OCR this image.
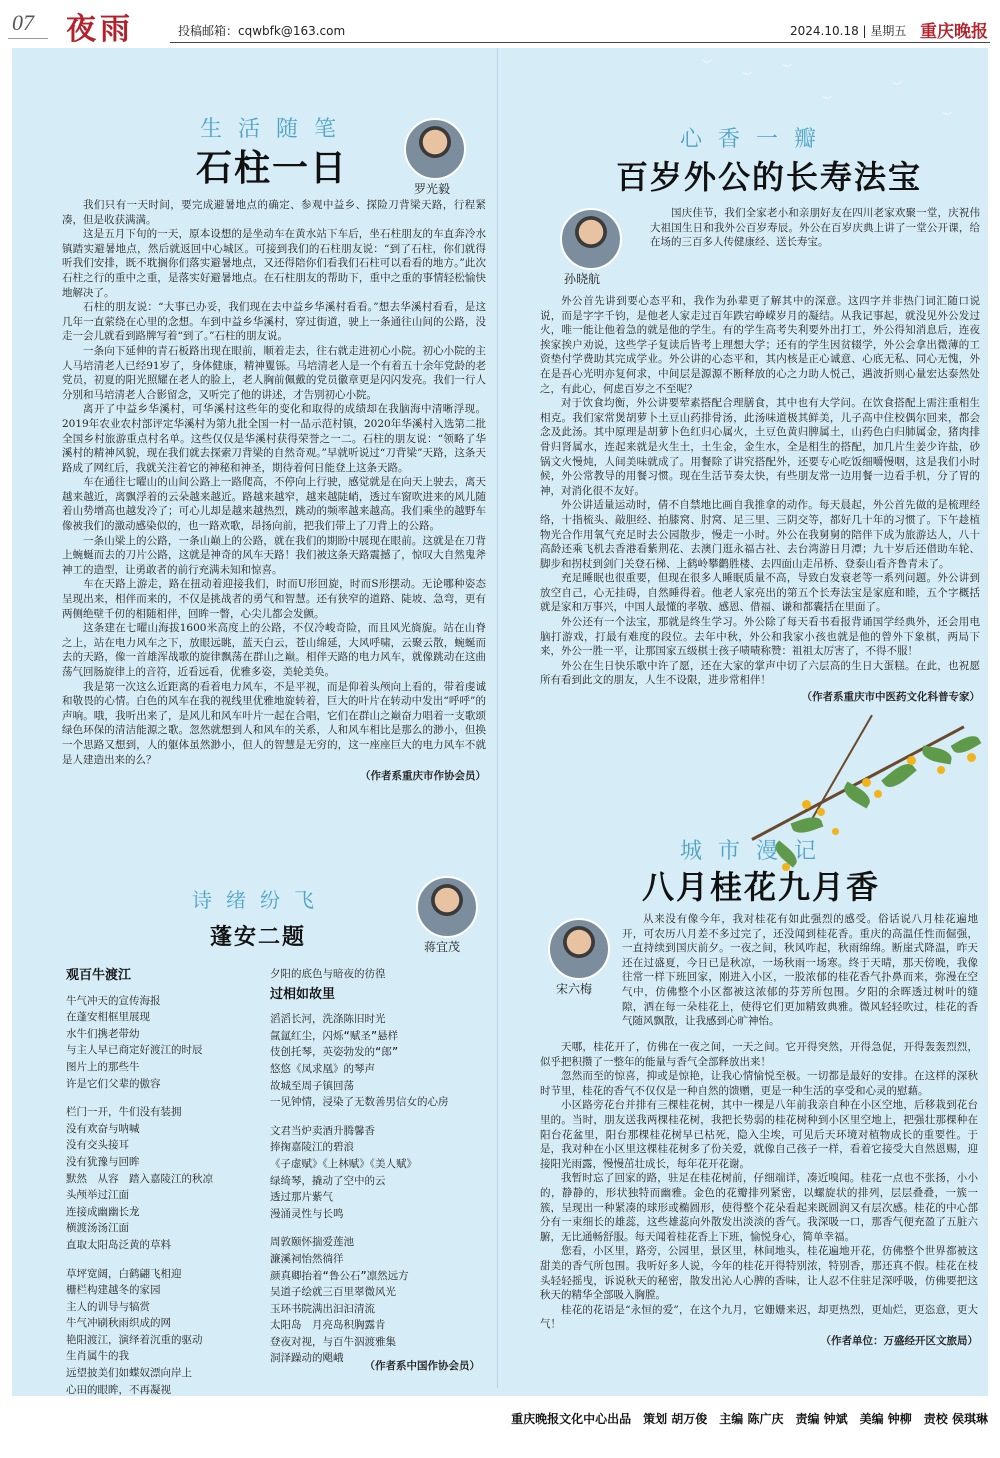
07 夜雨	投稿邮箱：cqwbfk@163.com	2024.10.18 | 星期五 重庆晚报
︶
︶
︶
︶
︶
︶
生活随笔
石柱一日	罗光毅

我们只有一天时间，要完成避暑地点的确定、参观中益乡、探险刀背梁天路，行程紧凑，但是收获满满。

这是五月下旬的一天，原本设想的是坐动车在黄水站下车后，坐石柱朋友的车直奔冷水镇踏实避暑地点，然后就返回中心城区。可接到我们的石柱朋友说：“到了石柱，你们就得听我们安排，既不耽搁你们落实避暑地点，又还得陪你们看我们石柱可以看看的地方。”此次石柱之行的重中之重，是落实好避暑地点。在石柱朋友的帮助下，重中之重的事情轻松愉快地解决了。

石柱的朋友说：“大事已办妥，我们现在去中益乡华溪村看看。”想去华溪村看看，是这几年一直萦绕在心里的念想。车到中益乡华溪村，穿过街道，驶上一条通往山间的公路，没走一会儿就看到路牌写着“到了。”石柱的朋友说。

一条向下延伸的青石板路出现在眼前，顺着走去，往右就走进初心小院。初心小院的主人马培清老人已经91岁了，身体健康，精神矍铄。马培清老人是一个有着五十余年党龄的老党员，初夏的阳光照耀在老人的脸上，老人胸前佩戴的党员徽章更是闪闪发亮。我们一行人分别和马培清老人合影留念，又听完了他的讲述，才告别初心小院。

离开了中益乡华溪村，可华溪村这些年的变化和取得的成绩却在我脑海中清晰浮现。2019年农业农村部评定华溪村为第九批全国一村一品示范村镇，2020年华溪村入选第二批全国乡村旅游重点村名单。这些仅仅是华溪村获得荣誉之一二。石柱的朋友说：“领略了华溪村的精神风貌，现在我们就去探索刀背梁的自然奇观。”早就听说过“刀背梁”天路，这条天路成了网红后，我就关注着它的神秘和神圣，期待着何日能登上这条天路。

车在通往七曜山的山间公路上一路爬高，不停向上行驶，感觉就是在向天上驶去，离天越来越近，离飘浮着的云朵越来越近。路越来越窄，越来越陡峭，透过车窗吹进来的风儿随着山势增高也越发冷了；可心儿却是越来越热烈，跳动的频率越来越高。我们乘坐的越野车像被我们的激动感染似的，也一路欢歌，昂扬向前，把我们带上了刀背上的公路。

一条山梁上的公路，一条山巅上的公路，就在我们的期盼中展现在眼前。这就是在刀背上蜿蜒而去的刀片公路，这就是神奇的风车天路！我们被这条天路震撼了，惊叹大自然鬼斧神工的造型，让勇敢者的前行充满未知和惊喜。

车在天路上游走，路在扭动着迎接我们，时而U形回旋，时而S形摆动。无论哪种姿态呈现出来，相伴而来的，不仅是挑战者的勇气和智慧。还有狭窄的道路、陡坡、急弯，更有两侧绝壁千仞的相随相伴，回眸一瞥，心尖儿都会发颤。

这条建在七曜山海拔1600米高度上的公路，不仅冷峻奇险，而且风光旖旎。站在山脊之上，站在电力风车之下，放眼远眺，蓝天白云，苍山绵延，大风呼啸，云聚云散，蜿蜒而去的天路，像一首雄浑战歌的旋律飘荡在群山之巅。相伴天路的电力风车，就像跳动在这曲荡气回肠旋律上的音符，近看远看，优雅多姿，美轮美奂。

我是第一次这么近距离的看着电力风车，不是平视，而是仰着头颅向上看的，带着虔诚和敬畏的心情。白色的风车在我的视线里优雅地旋转着，巨大的叶片在转动中发出“呼呼”的声响。哦，我听出来了，是风儿和风车叶片一起在合唱，它们在群山之巅奋力唱着一支歌颂绿色环保的清洁能源之歌。忽然就想到人和风车的关系，人和风车相比是那么的渺小，但换一个思路又想到，人的躯体虽然渺小，但人的智慧是无穷的，这一座座巨大的电力风车不就是人建造出来的么？

（作者系重庆市作协会员）
心香一瓣
百岁外公的长寿法宝
孙晓航

国庆佳节，我们全家老小和亲朋好友在四川老家欢聚一堂，庆祝伟大祖国生日和我外公百岁寿辰。外公在百岁庆典上讲了一堂公开课，给在场的三百多人传健康经、送长寿宝。

外公首先讲到要心态平和，我作为孙辈更了解其中的深意。这四字并非热门词汇随口说说，而是字字千钧，是他老人家走过百年跌宕峥嵘岁月的凝结。从我记事起，就没见外公发过火，唯一能让他着急的就是他的学生。有的学生高考失利要外出打工，外公得知消息后，连夜挨家挨户劝说，这些学子复读后皆考上理想大学；还有的学生因贫辍学，外公会拿出微薄的工资垫付学费助其完成学业。外公讲的心态平和，其内核是正心诚意、心底无私、同心无愧，外在是吾心光明亦复何求，中间层是源源不断释放的心之力助人悦己，遇波折则心量宏达泰然处之，有此心，何虑百岁之不至呢？

对于饮食均衡，外公讲要荤素搭配合理膳食，其中也有大学问。在饮食搭配上需注重相生相克。我们家常煲胡萝卜土豆山药排骨汤，此汤味道极其鲜美，儿子高中住校偶尔回来，都会念及此汤。其中原理是胡萝卜色红归心属火，土豆色黄归脾属土，山药色白归肺属金，猪肉排骨归肾属水，连起来就是火生土，土生金，金生水，全是相生的搭配，加几片生姜少许盐，砂锅文火慢炖，人间美味就成了。用餐除了讲究搭配外，还要专心吃饭细嚼慢咽，这是我们小时候，外公常教导的用餐习惯。现在生活节奏太快，有些朋友常一边用餐一边看手机，分了胃的神，对消化很不友好。

外公讲适量运动时，倩不自禁地比画自我推拿的动作。每天晨起，外公首先做的是梳理经络，十指梳头、敲胆经、拍膝窝、肘窝、足三里、三阴交等，都好几十年的习惯了。下午趁植物光合作用氧气充足时去公园散步，慢走一小时。外公在我舅舅的陪伴下成为旅游达人，八十高龄还乘飞机去香港看紫荆花、去澳门逛永福古社、去台湾游日月潭；九十岁后还借助车轮、脚步和拐杖到剑门关登石梯、上鹤岭攀鹳胜楼、去四面山走吊桥、登泰山看齐鲁青未了。

充足睡眠也很重要，但现在很多人睡眠质量不高，导致白发衰老等一系列问题。外公讲到放空自己，心无挂碍，自然睡得着。他老人家亮出的第五个长寿法宝是家庭和睦，五个字概括就是家和万事兴，中国人最懂的孝敬、感恩、借福、谦和都囊括在里面了。

外公还有一个法宝，那就是终生学习。外公除了每天看书看报背诵国学经典外，还会用电脑打游戏，打最有难度的段位。去年中秋，外公和我家小孩也就是他的曾外下象棋，两局下来，外公一胜一平，让那国家五级棋士孩子啧啧称赞：祖祖太厉害了，不得不服！

外公在生日快乐歌中许了愿，还在大家的掌声中切了六层高的生日大蛋糕。在此，也祝愿所有看到此文的朋友，人生不设限，进步常相伴！

（作者系重庆市中医药文化科普专家）
诗绪纷飞
蓬安二题	蒋宜茂
观百牛渡江
牛气冲天的宣传海报
在蓬安相框里展现
水牛们携老带幼
与主人早已商定好渡江的时辰
图片上的那些牛
许是它们父辈的傲容
栏门一开，牛们没有装拥
没有欢奋与呐喊
没有交头接耳
没有犹豫与回眸
默然　从容　踏入嘉陵江的秋凉
头颅举过江面
连接成幽幽长龙
横渡汤汤江面
直取太阳岛泛黄的草料
草坪宽阔，白鹤翩飞相迎
栅栏构建越冬的家园
主人的训导与犒赏
牛气冲刷秋雨织成的网
艳阳渡江，演绎着沉重的驱动
生肖属牛的我
远望披美们如蝶奴漂向岸上
心田的眼眸，不再凝视
夕阳的底色与暗夜的彷徨
过相如故里
滔滔长河，洗涤陈旧时光
氤氲红尘，闪烁“赋圣”悬样
伎创托琴，英姿勃发的“郎”
悠悠《凤求凰》的琴声
故城至周子镇回荡
一见钟情，浸染了无数善男信女的心房
文君当炉卖酒升腾馨香
捧掬嘉陵江的碧浪
《子虚赋》《上林赋》《美人赋》
绿绮琴，撬动了空中的云
透过那片紫气
漫涌灵性与长鸣
周敦颐怀揣爱莲池
濂溪祠怡然徜徉
颜真卿抬着“鲁公石”凛然远方
吴道子绘就三百里翠微风光
玉环书院满出汩汩清流
太阳岛　月亮岛积胸露肯
登夜对视，与百牛泅渡雅集
洞泽躁动的飓峨
（作者系中国作协会员）
城市漫记
八月桂花九月香
宋六梅

从来没有像今年，我对桂花有如此强烈的感受。俗话说八月桂花遍地开，可农历八月差不多过完了，还没闻到桂花香。重庆的高温任性而倔强，一直持续到国庆前夕。一夜之间，秋风咋起，秋雨绵绵。断崖式降温，昨天还在过盛夏，今日已是秋凉，一场秋雨一场寒。终于天晴，那天傍晚，我像往常一样下班回家，刚进入小区，一股浓郁的桂花香气扑鼻而来，弥漫在空气中，仿佛整个小区都被这浓郁的芬芳所包围。夕阳的余晖透过树叶的缝隙，洒在每一朵桂花上，使得它们更加精致典雅。微风轻轻吹过，桂花的香气随风飘散，让我感到心旷神怡。

天哪，桂花开了，仿佛在一夜之间，一天之间。它开得突然，开得急促，开得轰轰烈烈，似乎把积攒了一整年的能量与香气全部释放出来！

忽然而至的惊喜，抑或是惊艳，让我心情愉悦至极。一切都是最好的安排。在这样的深秋时节里，桂花的香气不仅仅是一种自然的馈赠，更是一种生活的享受和心灵的慰藉。

小区路旁花台并排有三棵桂花树，其中一棵是八年前我亲自种在小区空地，后移栽到花台里的。当时，朋友送我两棵桂花树，我把长势弱的桂花树种到小区里空地上，把强壮那棵种在阳台花盆里，阳台那棵桂花树早已枯死，隐入尘埃，可见后天环境对植物成长的重要性。于是，我对种在小区里这棵桂花树多了份关爱，就像自己孩子一样，看着它接受大自然恩赐，迎接阳光雨露，慢慢茁壮成长，每年花开花谢。

我暂时忘了回家的路，驻足在桂花树前，仔细端详，凑近嗅闻。桂花一点也不张扬，小小的，静静的，形状独特而幽雅。金色的花瓣排列紧密，以螺旋状的排列，层层叠叠，一簇一簇，呈现出一种紧凑的球形或椭圆形，使得整个花朵看起来既圆润又有层次感。桂花的中心部分有一束细长的雄蕊，这些雄蕊向外散发出淡淡的香气。我深吸一口，那香气便充盈了五脏六腑，无比通畅舒服。每天闻着桂花香上下班，愉悦身心，简单幸福。

您看，小区里，路旁，公园里，景区里，林间地头，桂花遍地开花，仿佛整个世界都被这甜美的香气所包围。我听好多人说，今年的桂花开得特别浓，特别香，那还真不假。桂花在枝头轻轻摇曳，诉说秋天的秘密，散发出沁人心脾的香味，让人忍不住驻足深呼吸，仿佛要把这秋天的精华全部吸入胸膛。

桂花的花语是“永恒的爱”，在这个九月，它姗姗来迟，却更热烈，更灿烂，更恣意，更大气！

（作者单位：万盛经开区文旅局）
重庆晚报文化中心出品　策划 胡万俊　主编 陈广庆　责编 钟斌　美编 钟柳　责校 侯琪琳
